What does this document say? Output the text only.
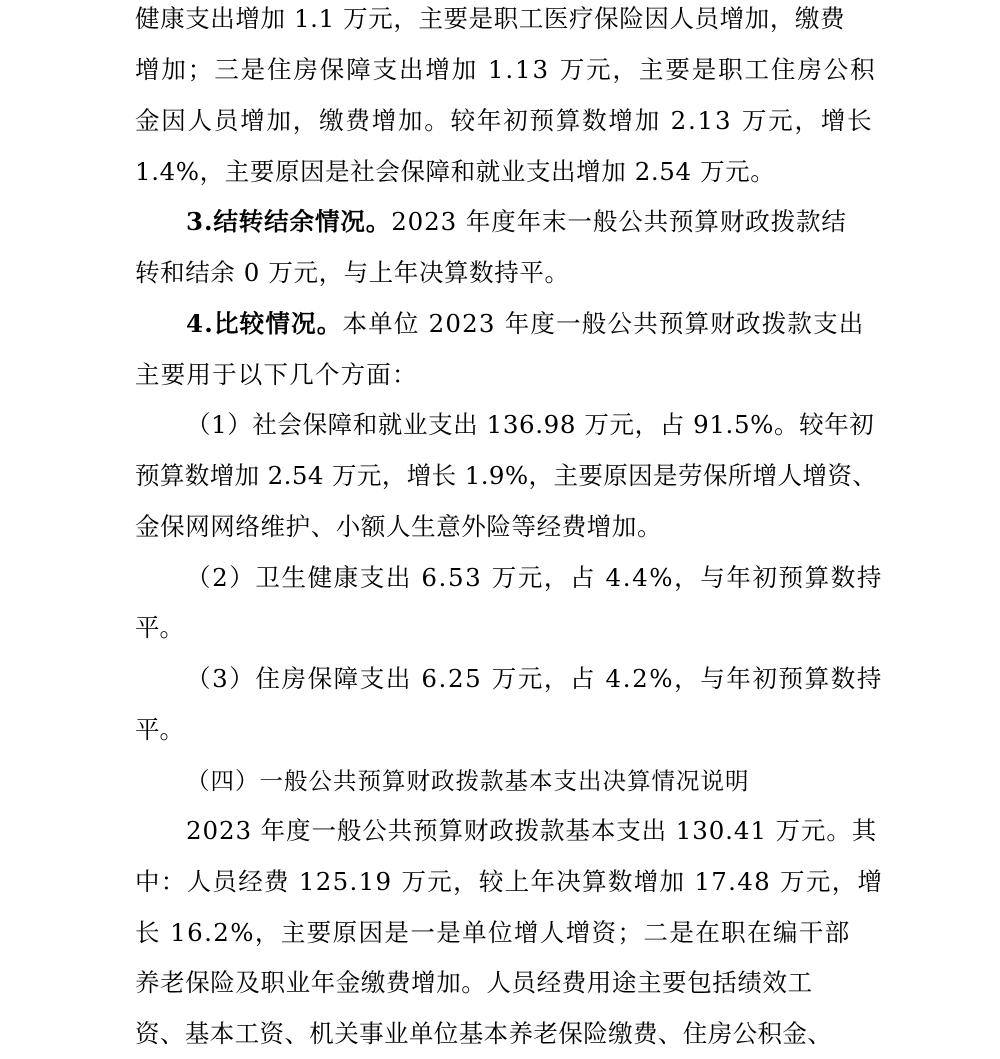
健康支出增加 1.1 万元，主要是职工医疗保险因人员增加，缴费
增加；三是住房保障支出增加 1.13 万元，主要是职工住房公积
金因人员增加，缴费增加。较年初预算数增加 2.13 万元，增长
1.4%，主要原因是社会保障和就业支出增加 2.54 万元。
3.结转结余情况。2023 年度年末一般公共预算财政拨款结
转和结余 0 万元，与上年决算数持平。
4.比较情况。本单位 2023 年度一般公共预算财政拨款支出
主要用于以下几个方面：
（1）社会保障和就业支出 136.98 万元，占 91.5%。较年初
预算数增加 2.54 万元，增长 1.9%，主要原因是劳保所增人增资、
金保网网络维护、小额人生意外险等经费增加。
（2）卫生健康支出 6.53 万元，占 4.4%，与年初预算数持
平。
（3）住房保障支出 6.25 万元，占 4.2%，与年初预算数持
平。
（四）一般公共预算财政拨款基本支出决算情况说明
2023 年度一般公共预算财政拨款基本支出 130.41 万元。其
中：人员经费 125.19 万元，较上年决算数增加 17.48 万元，增
长 16.2%，主要原因是一是单位增人增资；二是在职在编干部
养老保险及职业年金缴费增加。人员经费用途主要包括绩效工
资、基本工资、机关事业单位基本养老保险缴费、住房公积金、
